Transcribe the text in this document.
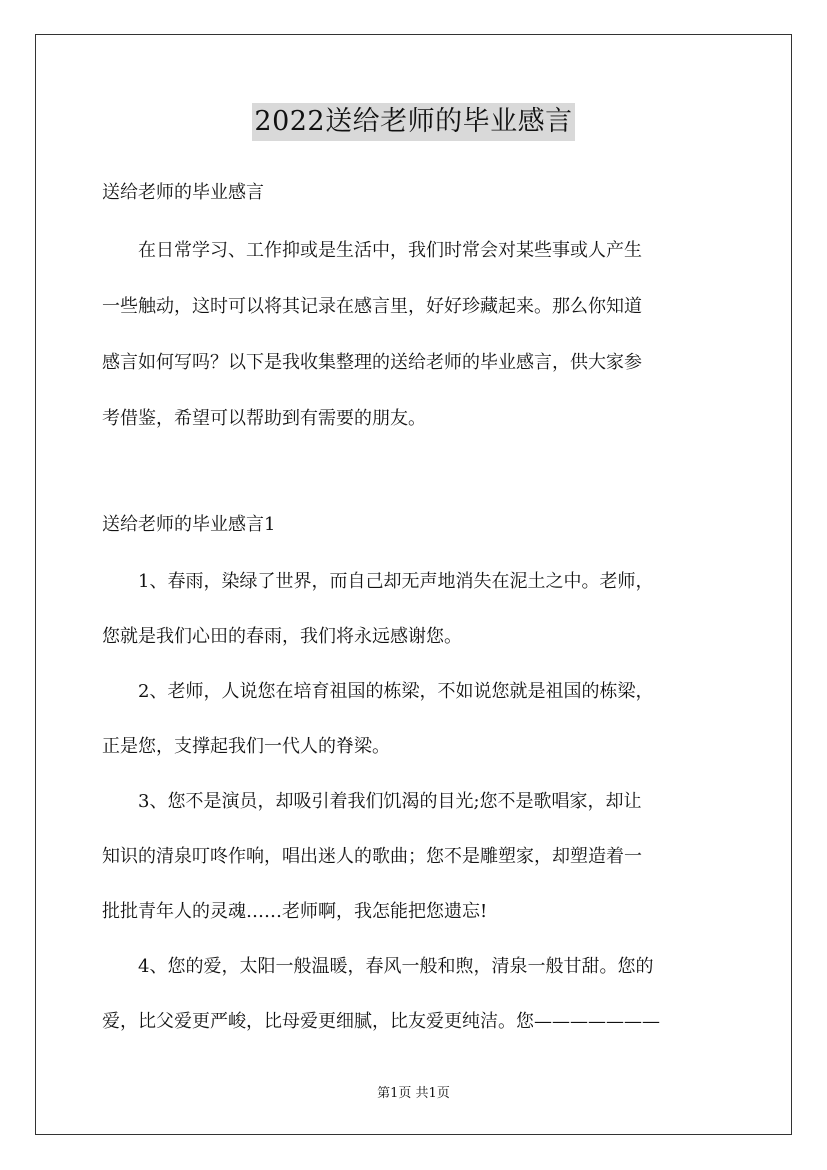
2022送给老师的毕业感言
送给老师的毕业感言
　　在日常学习、工作抑或是生活中，我们时常会对某些事或人产生
一些触动，这时可以将其记录在感言里，好好珍藏起来。那么你知道
感言如何写吗？以下是我收集整理的送给老师的毕业感言，供大家参
考借鉴，希望可以帮助到有需要的朋友。
送给老师的毕业感言1
　　1、春雨，染绿了世界，而自己却无声地消失在泥土之中。老师，
您就是我们心田的春雨，我们将永远感谢您。
　　2、老师，人说您在培育祖国的栋梁，不如说您就是祖国的栋梁，
正是您，支撑起我们一代人的脊梁。
　　3、您不是演员，却吸引着我们饥渴的目光;您不是歌唱家，却让
知识的清泉叮咚作响，唱出迷人的歌曲；您不是雕塑家，却塑造着一
批批青年人的灵魂……老师啊，我怎能把您遗忘!
　　4、您的爱，太阳一般温暖，春风一般和煦，清泉一般甘甜。您的
爱，比父爱更严峻，比母爱更细腻，比友爱更纯洁。您———————
第1页 共1页
